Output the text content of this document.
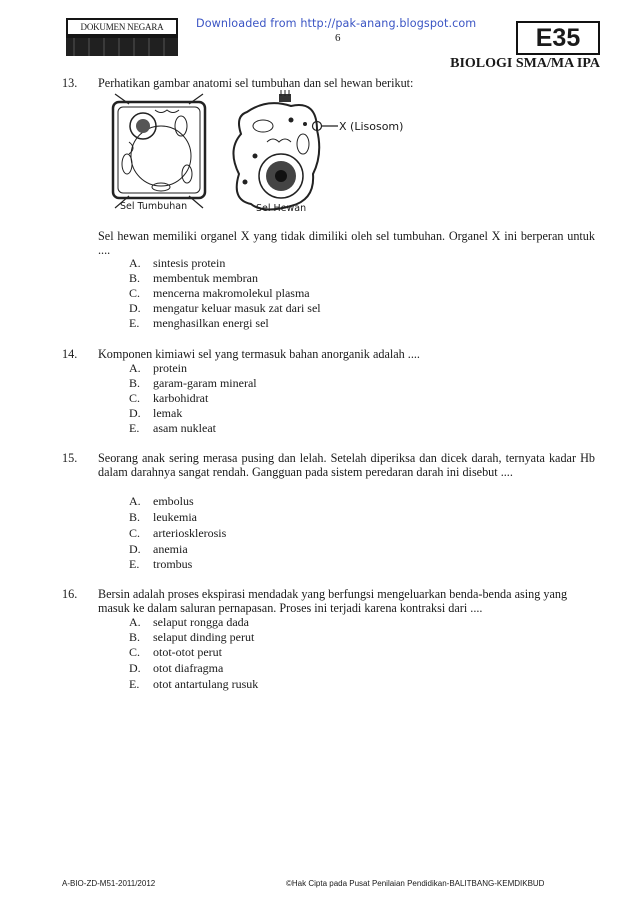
DOKUMEN NEGARA	Downloaded from http://pak-anang.blogspot.com
6	E35
BIOLOGI SMA/MA IPA
13. Perhatikan gambar anatomi sel tumbuhan dan sel hewan berikut:
X (Lisosom)
Sel Tumbuhan	Sel Hewan
Sel hewan memiliki organel X yang tidak dimiliki oleh sel tumbuhan. Organel X ini berperan untuk ....
A. sintesis protein
B. membentuk membran
C. mencerna makromolekul plasma
D. mengatur keluar masuk zat dari sel
E. menghasilkan energi sel
14. Komponen kimiawi sel yang termasuk bahan anorganik adalah ....
A. protein
B. garam-garam mineral
C. karbohidrat
D. lemak
E. asam nukleat
15. Seorang anak sering merasa pusing dan lelah. Setelah diperiksa dan dicek darah, ternyata kadar Hb dalam darahnya sangat rendah. Gangguan pada sistem peredaran darah ini disebut ....
A. embolus
B. leukemia
C. arteriosklerosis
D. anemia
E. trombus
16. Bersin adalah proses ekspirasi mendadak yang berfungsi mengeluarkan benda-benda asing yang masuk ke dalam saluran pernapasan. Proses ini terjadi karena kontraksi dari ....
A. selaput rongga dada
B. selaput dinding perut
C. otot-otot perut
D. otot diafragma
E. otot antartulang rusuk
A-BIO-ZD-M51-2011/2012	©Hak Cipta pada Pusat Penilaian Pendidikan-BALITBANG-KEMDIKBUD
